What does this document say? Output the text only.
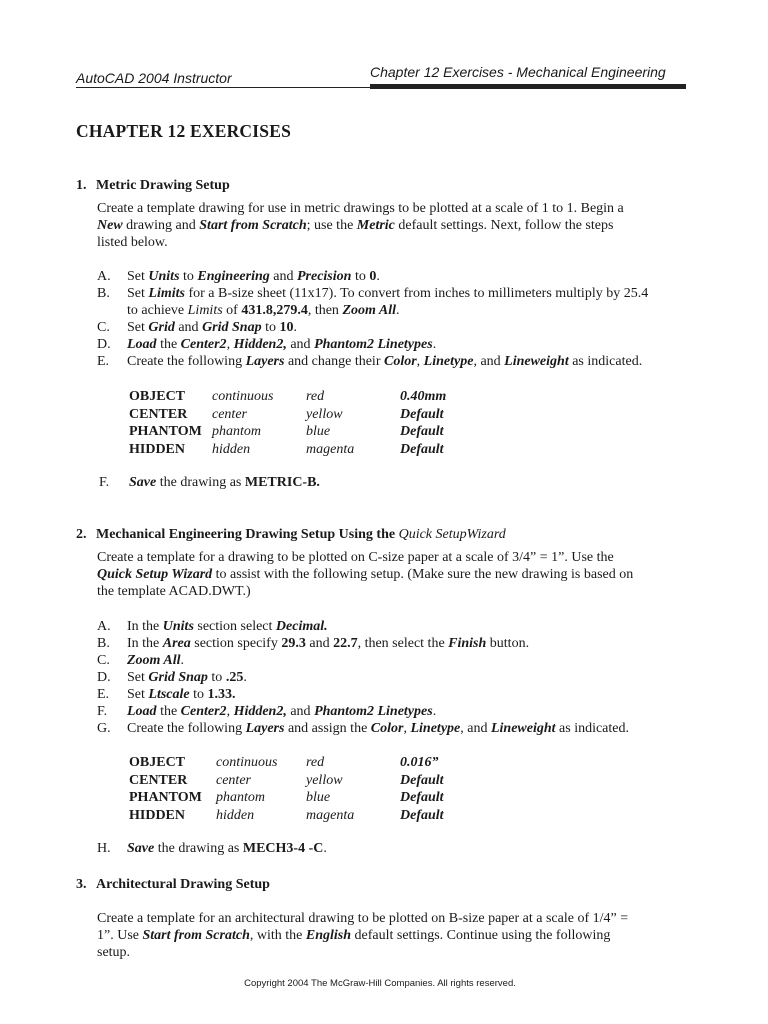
AutoCAD 2004 Instructor	Chapter 12 Exercises - Mechanical Engineering
CHAPTER 12 EXERCISES
1. Metric Drawing Setup
Create a template drawing for use in metric drawings to be plotted at a scale of 1 to 1. Begin a
New drawing and Start from Scratch; use the Metric default settings. Next, follow the steps
listed below.
A.	Set Units to Engineering and Precision to 0.
B.	Set Limits for a B-size sheet (11x17). To convert from inches to millimeters multiply by 25.4
to achieve Limits of 431.8,279.4, then Zoom All.
C.	Set Grid and Grid Snap to 10.
D.	Load the Center2, Hidden2, and Phantom2 Linetypes.
E.	Create the following Layers and change their Color, Linetype, and Lineweight as indicated.
OBJECT	continuous	red	0.40mm
CENTER	center	yellow	Default
PHANTOM phantom	blue	Default
HIDDEN	hidden	magenta	Default
F.	Save the drawing as METRIC-B.
2. Mechanical Engineering Drawing Setup Using the Quick SetupWizard
Create a template for a drawing to be plotted on C-size paper at a scale of 3/4” = 1”. Use the
Quick Setup Wizard to assist with the following setup. (Make sure the new drawing is based on
the template ACAD.DWT.)
A.	In the Units section select Decimal.
B.	In the Area section specify 29.3 and 22.7, then select the Finish button.
C.	Zoom All.
D.	Set Grid Snap to .25.
E.	Set Ltscale to 1.33.
F.	Load the Center2, Hidden2, and Phantom2 Linetypes.
G.	Create the following Layers and assign the Color, Linetype, and Lineweight as indicated.
OBJECT	continuous	red	0.016”
CENTER	center	yellow	Default
PHANTOM	phantom	blue	Default
HIDDEN	hidden	magenta	Default
H.	Save the drawing as MECH3-4 -C.
3. Architectural Drawing Setup
Create a template for an architectural drawing to be plotted on B-size paper at a scale of 1/4” =
1”. Use Start from Scratch, with the English default settings. Continue using the following
setup.
Copyright 2004 The McGraw-Hill Companies. All rights reserved.
